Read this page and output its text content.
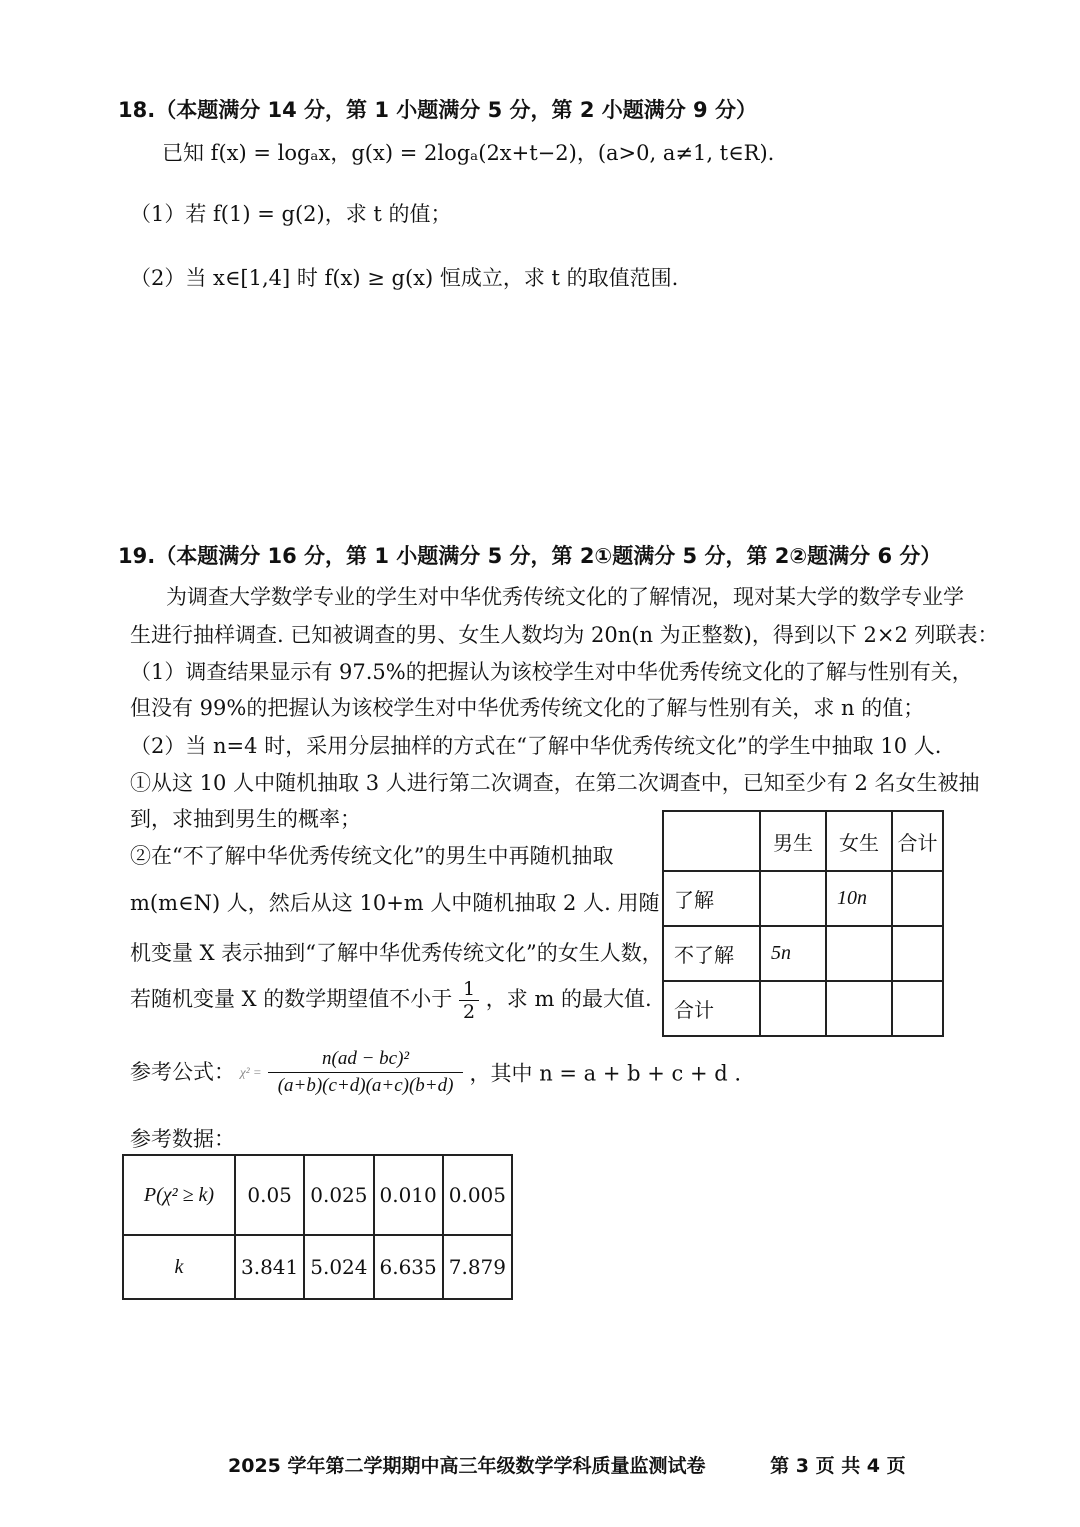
18.（本题满分 14 分，第 1 小题满分 5 分，第 2 小题满分 9 分）
已知 f(x) = logₐx，g(x) = 2logₐ(2x+t−2)，(a>0, a≠1, t∈R).
（1）若 f(1) = g(2)，求 t 的值；
（2）当 x∈[1,4] 时 f(x) ≥ g(x) 恒成立，求 t 的取值范围.
19.（本题满分 16 分，第 1 小题满分 5 分，第 2①题满分 5 分，第 2②题满分 6 分）
为调查大学数学专业的学生对中华优秀传统文化的了解情况，现对某大学的数学专业学
生进行抽样调查. 已知被调查的男、女生人数均为 20n(n 为正整数)，得到以下 2×2 列联表：
（1）调查结果显示有 97.5%的把握认为该校学生对中华优秀传统文化的了解与性别有关，
但没有 99%的把握认为该校学生对中华优秀传统文化的了解与性别有关，求 n 的值；
（2）当 n=4 时，采用分层抽样的方式在“了解中华优秀传统文化”的学生中抽取 10 人.
①从这 10 人中随机抽取 3 人进行第二次调查，在第二次调查中，已知至少有 2 名女生被抽
到，求抽到男生的概率；
②在“不了解中华优秀传统文化”的男生中再随机抽取
m(m∈N) 人，然后从这 10+m 人中随机抽取 2 人. 用随
机变量 X 表示抽到“了解中华优秀传统文化”的女生人数，
若随机变量 X 的数学期望值不小于 $\frac{1}{2}$ ，求 m 的最大值.
	男生	女生	合计
了解		10n	
不了解	5n		
合计			
参考公式： $\chi^2 = \frac{\text{n(ad − bc)²}}{(a+b)(c+d)(a+c)(b+d)}$ ，其中 n = a + b + c + d .
参考数据：
P(χ² ≥ k)	0.05	0.025	0.010	0.005
k	3.841	5.024	6.635	7.879
2025 学年第二学期期中高三年级数学学科质量监测试卷	第 3 页 共 4 页
